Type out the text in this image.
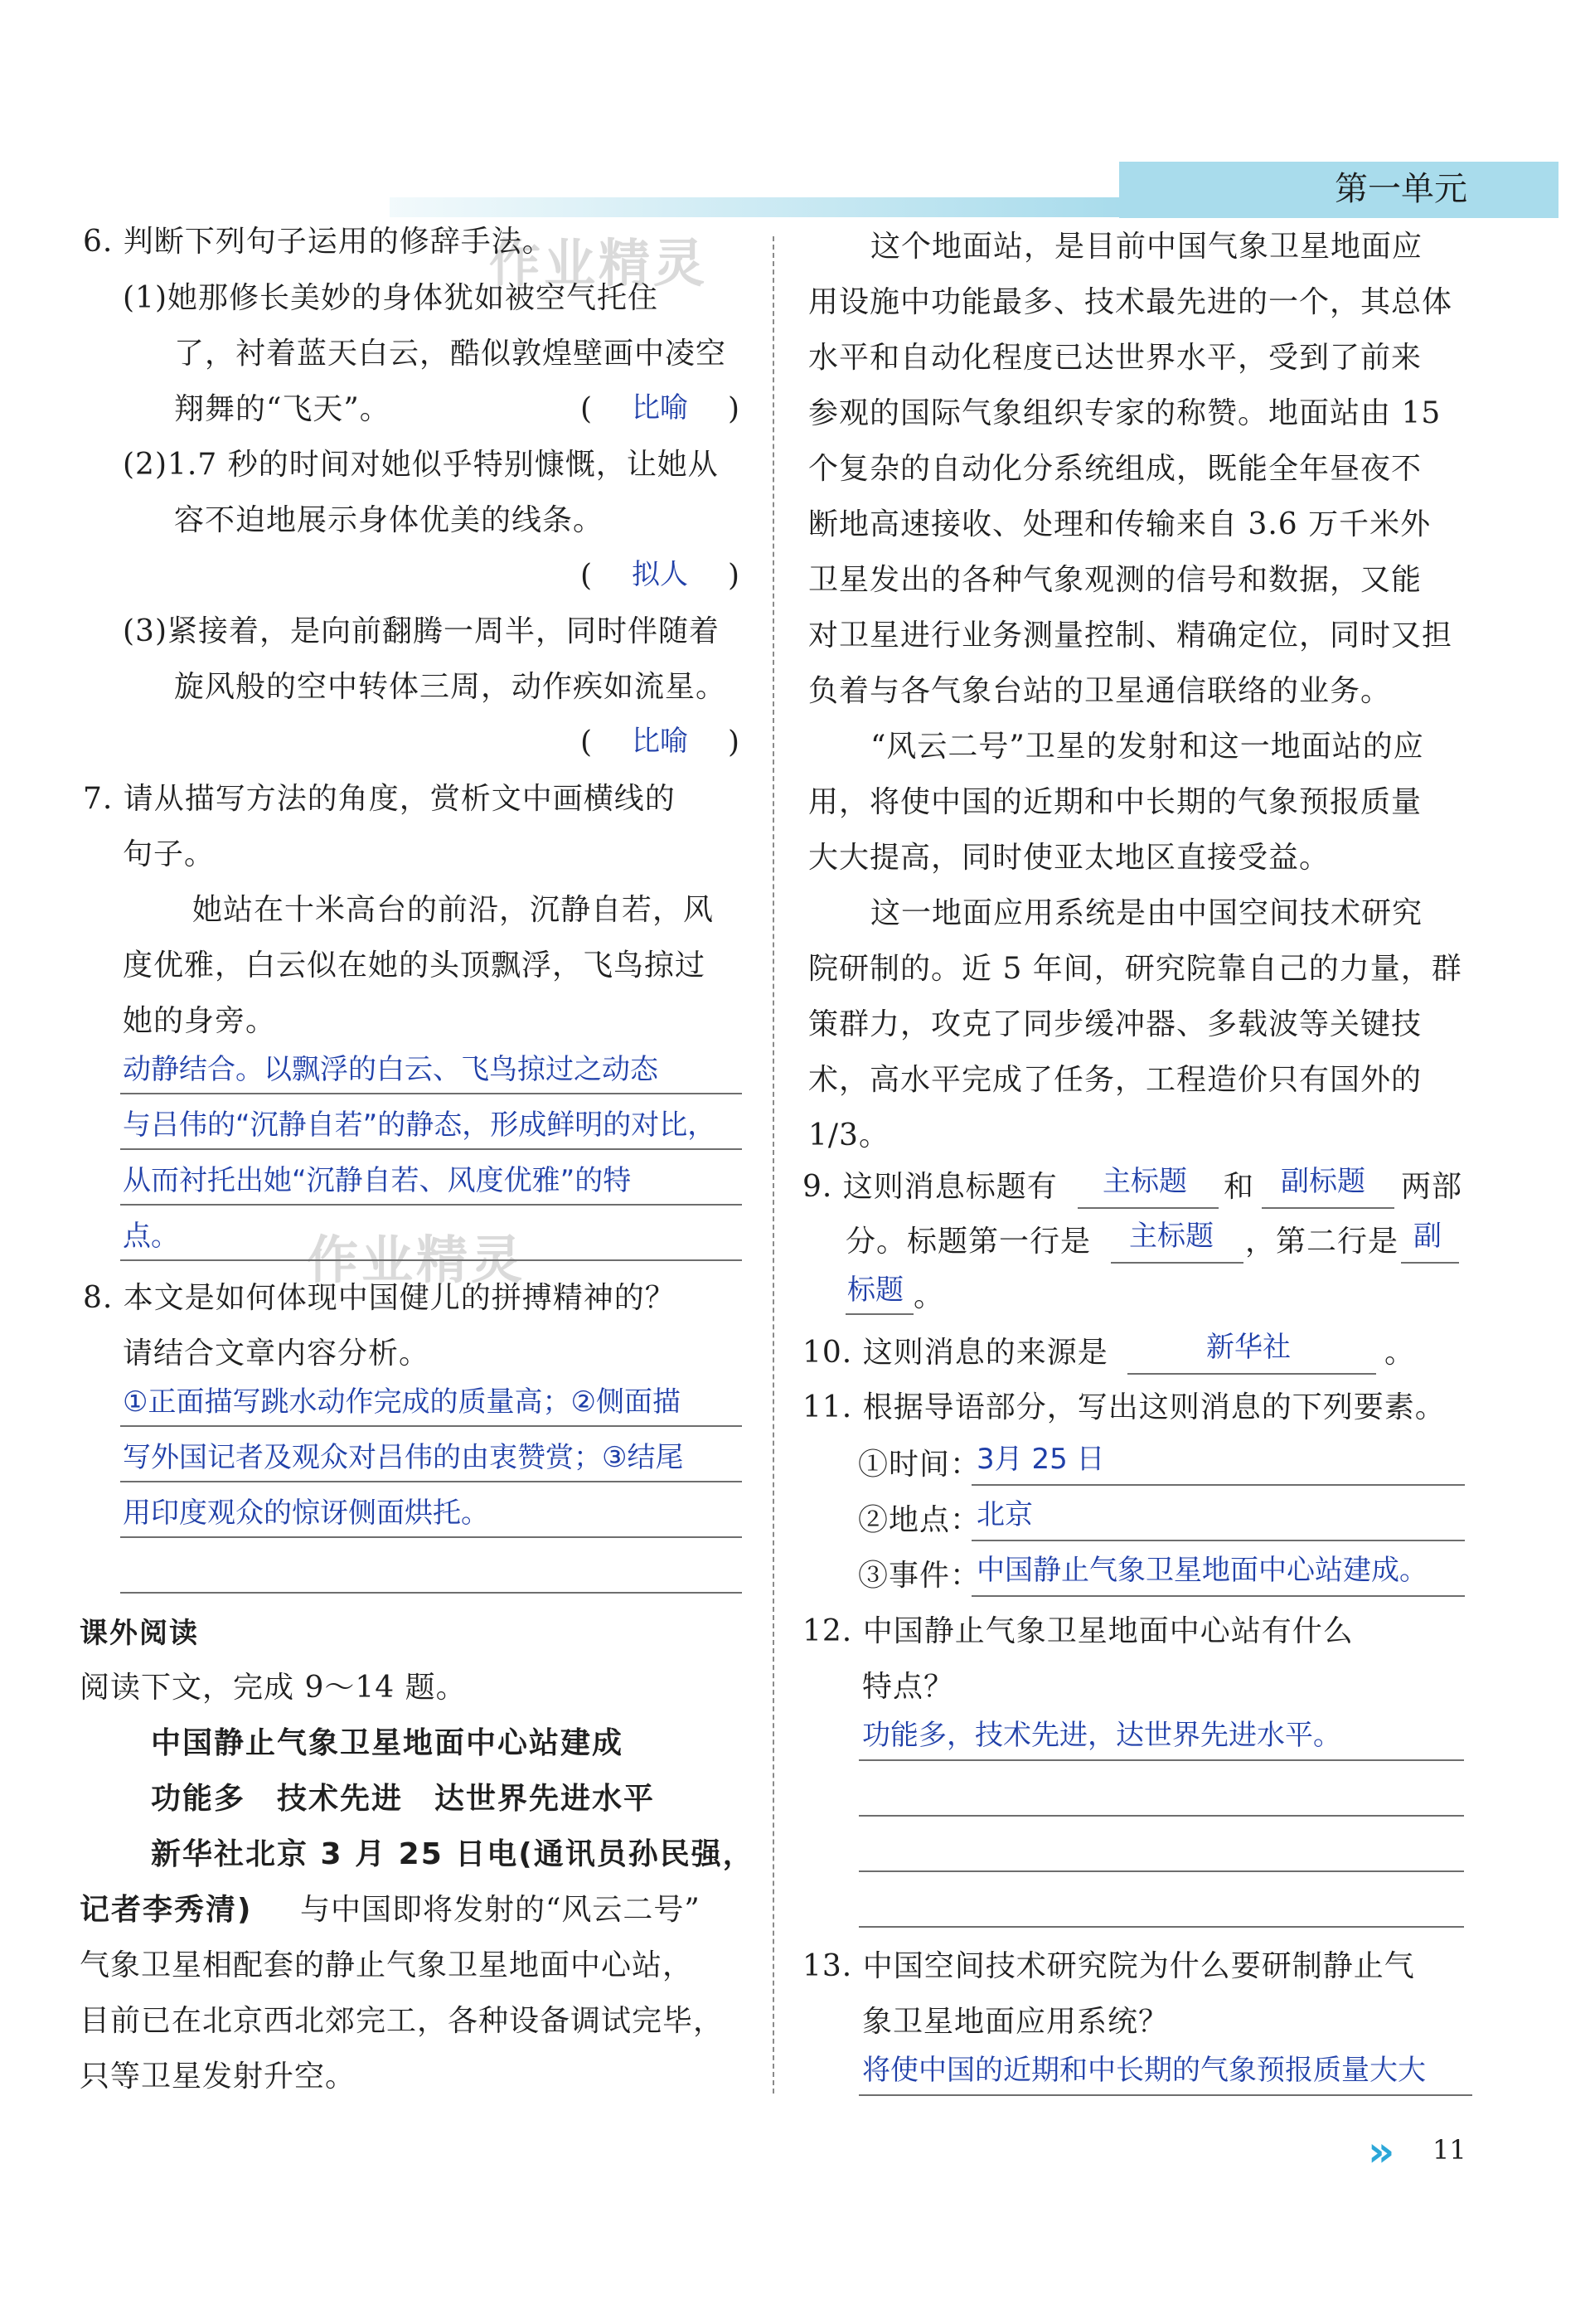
第一单元
作业精灵
作业精灵
6. 判断下列句子运用的修辞手法。
(1)她那修长美妙的身体犹如被空气托住
了，衬着蓝天白云，酷似敦煌壁画中凌空
翔舞的“飞天”。	( 比喻 )
(2)1.7 秒的时间对她似乎特别慷慨，让她从
容不迫地展示身体优美的线条。
( 拟人 )
(3)紧接着，是向前翻腾一周半，同时伴随着
旋风般的空中转体三周，动作疾如流星。
( 比喻 )
7. 请从描写方法的角度，赏析文中画横线的
句子。
她站在十米高台的前沿，沉静自若，风
度优雅，白云似在她的头顶飘浮，飞鸟掠过
她的身旁。
动静结合。以飘浮的白云、飞鸟掠过之动态
与吕伟的“沉静自若”的静态，形成鲜明的对比，
从而衬托出她“沉静自若、风度优雅”的特
点。
8. 本文是如何体现中国健儿的拼搏精神的？
请结合文章内容分析。
①正面描写跳水动作完成的质量高；②侧面描
写外国记者及观众对吕伟的由衷赞赏；③结尾
用印度观众的惊讶侧面烘托。
课外阅读
阅读下文，完成 9～14 题。
中国静止气象卫星地面中心站建成
功能多　技术先进　达世界先进水平
新华社北京 3 月 25 日电(通讯员孙民强，
记者李秀清) 与中国即将发射的“风云二号”
气象卫星相配套的静止气象卫星地面中心站，
目前已在北京西北郊完工，各种设备调试完毕，
只等卫星发射升空。
这个地面站，是目前中国气象卫星地面应
用设施中功能最多、技术最先进的一个，其总体
水平和自动化程度已达世界水平，受到了前来
参观的国际气象组织专家的称赞。地面站由 15
个复杂的自动化分系统组成，既能全年昼夜不
断地高速接收、处理和传输来自 3.6 万千米外
卫星发出的各种气象观测的信号和数据，又能
对卫星进行业务测量控制、精确定位，同时又担
负着与各气象台站的卫星通信联络的业务。
“风云二号”卫星的发射和这一地面站的应
用，将使中国的近期和中长期的气象预报质量
大大提高，同时使亚太地区直接受益。
这一地面应用系统是由中国空间技术研究
院研制的。近 5 年间，研究院靠自己的力量，群
策群力，攻克了同步缓冲器、多载波等关键技
术，高水平完成了任务，工程造价只有国外的
1/3。
9. 这则消息标题有 主标题 和 副标题 两部
分。标题第一行是 主标题 ，第二行是 副
标题 。
10. 这则消息的来源是	新华社	。
11. 根据导语部分，写出这则消息的下列要素。
①时间：
3月 25 日
②地点：
北京
③事件：
中国静止气象卫星地面中心站建成。
12. 中国静止气象卫星地面中心站有什么
特点？
功能多，技术先进，达世界先进水平。
13. 中国空间技术研究院为什么要研制静止气
象卫星地面应用系统？
将使中国的近期和中长期的气象预报质量大大
» 11
